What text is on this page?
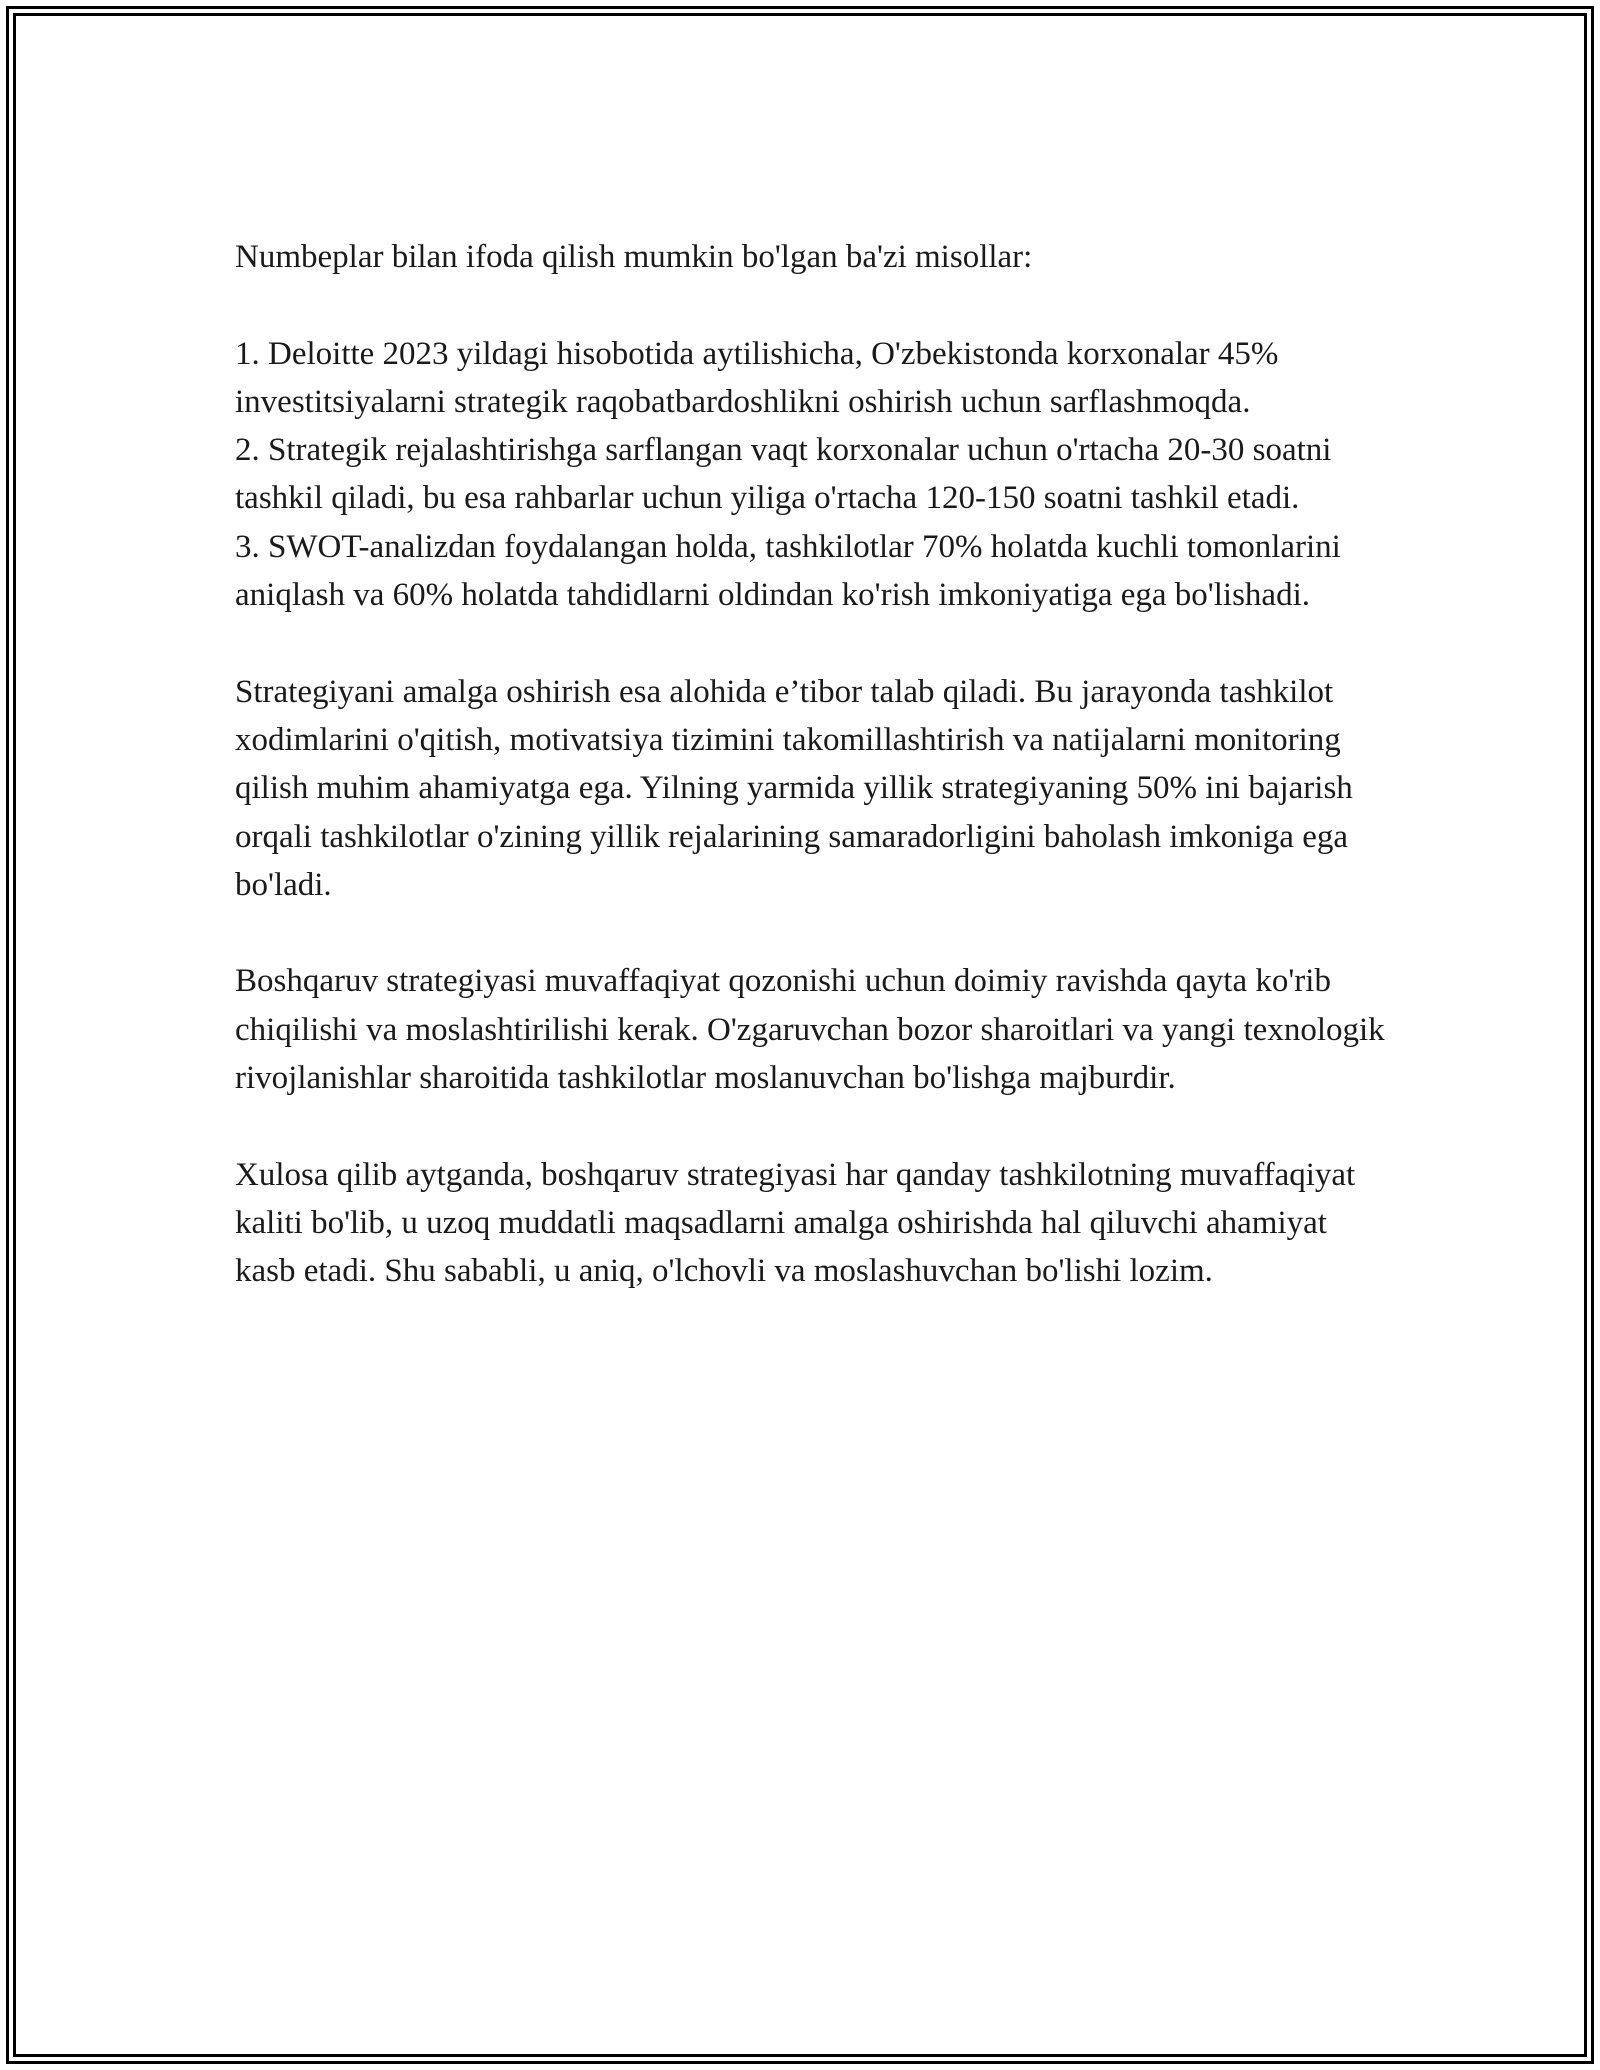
Numbeplar bilan ifoda qilish mumkin bo'lgan ba'zi misollar:

1. Deloitte 2023 yildagi hisobotida aytilishicha, O'zbekistonda korxonalar 45% investitsiyalarni strategik raqobatbardoshlikni oshirish uchun sarflashmoqda.
2. Strategik rejalashtirishga sarflangan vaqt korxonalar uchun o'rtacha 20-30 soatni tashkil qiladi, bu esa rahbarlar uchun yiliga o'rtacha 120-150 soatni tashkil etadi.
3. SWOT-analizdan foydalangan holda, tashkilotlar 70% holatda kuchli tomonlarini aniqlash va 60% holatda tahdidlarni oldindan ko'rish imkoniyatiga ega bo'lishadi.

Strategiyani amalga oshirish esa alohida e’tibor talab qiladi. Bu jarayonda tashkilot xodimlarini o'qitish, motivatsiya tizimini takomillashtirish va natijalarni monitoring qilish muhim ahamiyatga ega. Yilning yarmida yillik strategiyaning 50% ini bajarish orqali tashkilotlar o'zining yillik rejalarining samaradorligini baholash imkoniga ega bo'ladi.

Boshqaruv strategiyasi muvaffaqiyat qozonishi uchun doimiy ravishda qayta ko'rib chiqilishi va moslashtirilishi kerak. O'zgaruvchan bozor sharoitlari va yangi texnologik rivojlanishlar sharoitida tashkilotlar moslanuvchan bo'lishga majburdir.

Xulosa qilib aytganda, boshqaruv strategiyasi har qanday tashkilotning muvaffaqiyat kaliti bo'lib, u uzoq muddatli maqsadlarni amalga oshirishda hal qiluvchi ahamiyat kasb etadi. Shu sababli, u aniq, o'lchovli va moslashuvchan bo'lishi lozim.
